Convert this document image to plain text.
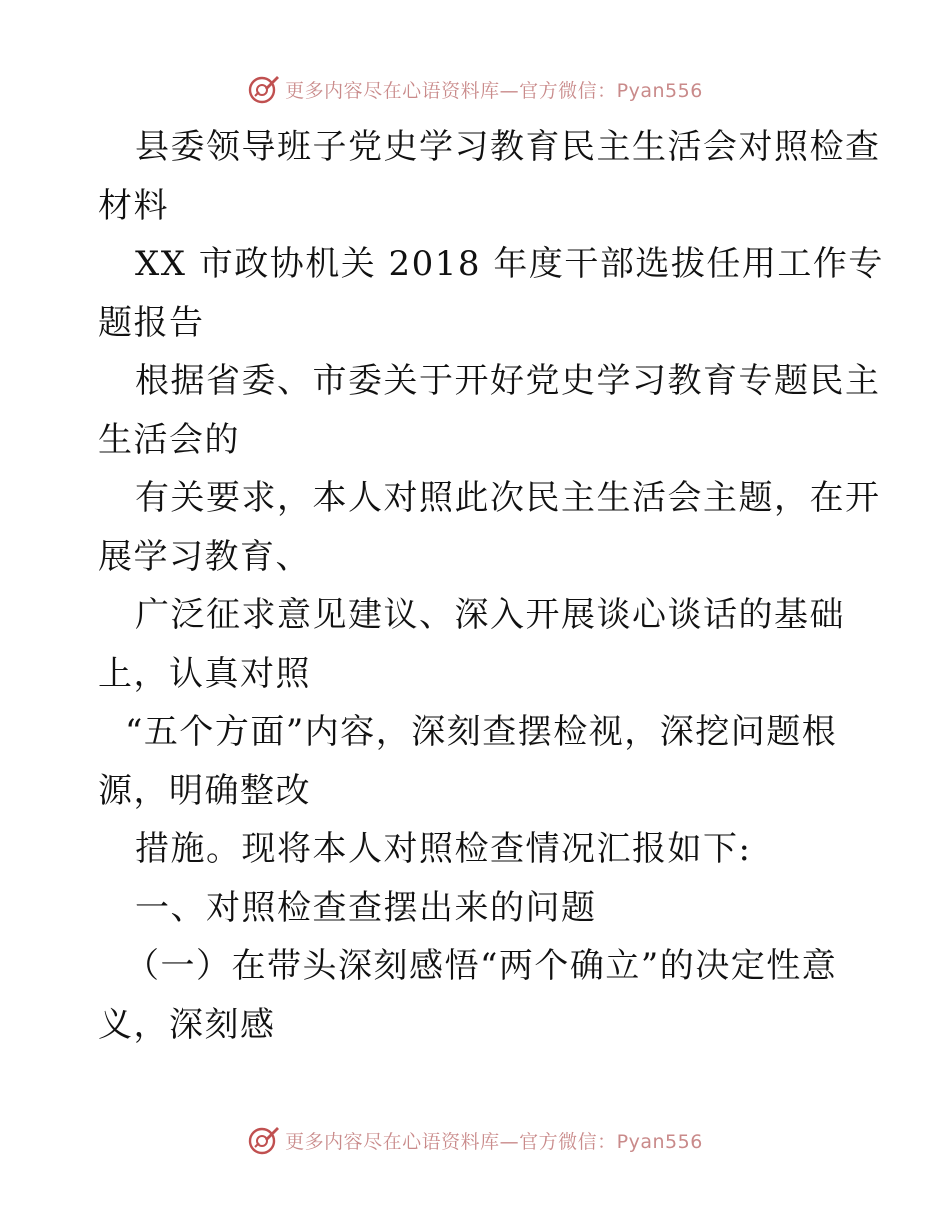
更多内容尽在心语资料库—官方微信：Pyan556
县委领导班子党史学习教育民主生活会对照检查
材料
XX 市政协机关 2018 年度干部选拔任用工作专
题报告
根据省委、市委关于开好党史学习教育专题民主
生活会的
有关要求，本人对照此次民主生活会主题，在开
展学习教育、
广泛征求意见建议、深入开展谈心谈话的基础
上，认真对照
“五个方面”内容，深刻查摆检视，深挖问题根
源，明确整改
措施。现将本人对照检查情况汇报如下:
一、对照检查查摆出来的问题
（一）在带头深刻感悟“两个确立”的决定性意
义，深刻感
更多内容尽在心语资料库—官方微信：Pyan556
